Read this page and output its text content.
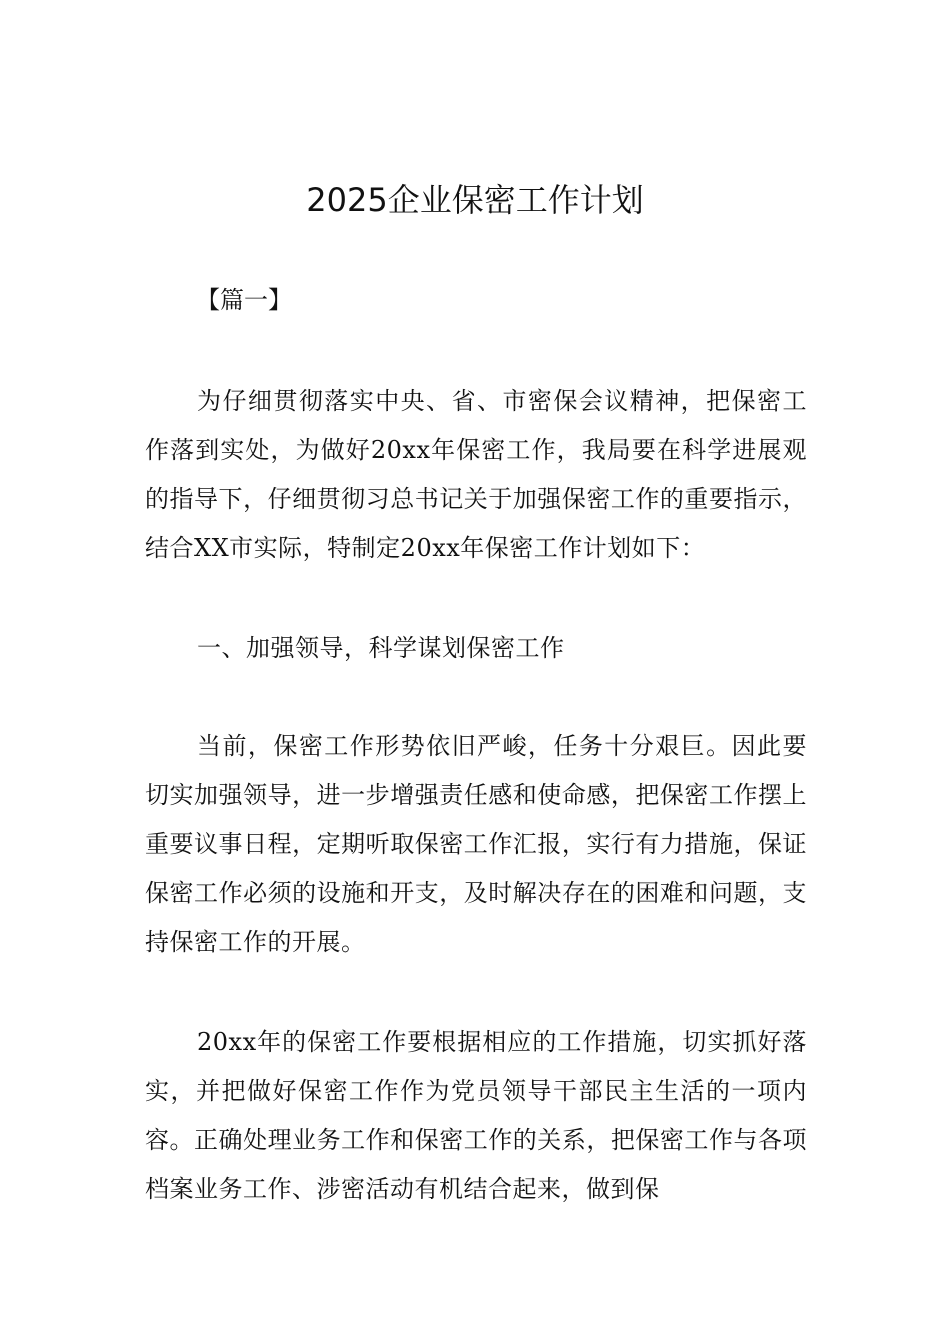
2025企业保密工作计划
【篇一】

为仔细贯彻落实中央、省、市密保会议精神，把保密工作落到实处，为做好20xx年保密工作，我局要在科学进展观的指导下，仔细贯彻习总书记关于加强保密工作的重要指示，结合XX市实际，特制定20xx年保密工作计划如下：

一、加强领导，科学谋划保密工作

当前，保密工作形势依旧严峻，任务十分艰巨。因此要切实加强领导，进一步增强责任感和使命感，把保密工作摆上重要议事日程，定期听取保密工作汇报，实行有力措施，保证保密工作必须的设施和开支，及时解决存在的困难和问题，支持保密工作的开展。

20xx年的保密工作要根据相应的工作措施，切实抓好落实，并把做好保密工作作为党员领导干部民主生活的一项内容。正确处理业务工作和保密工作的关系，把保密工作与各项档案业务工作、涉密活动有机结合起来，做到保
